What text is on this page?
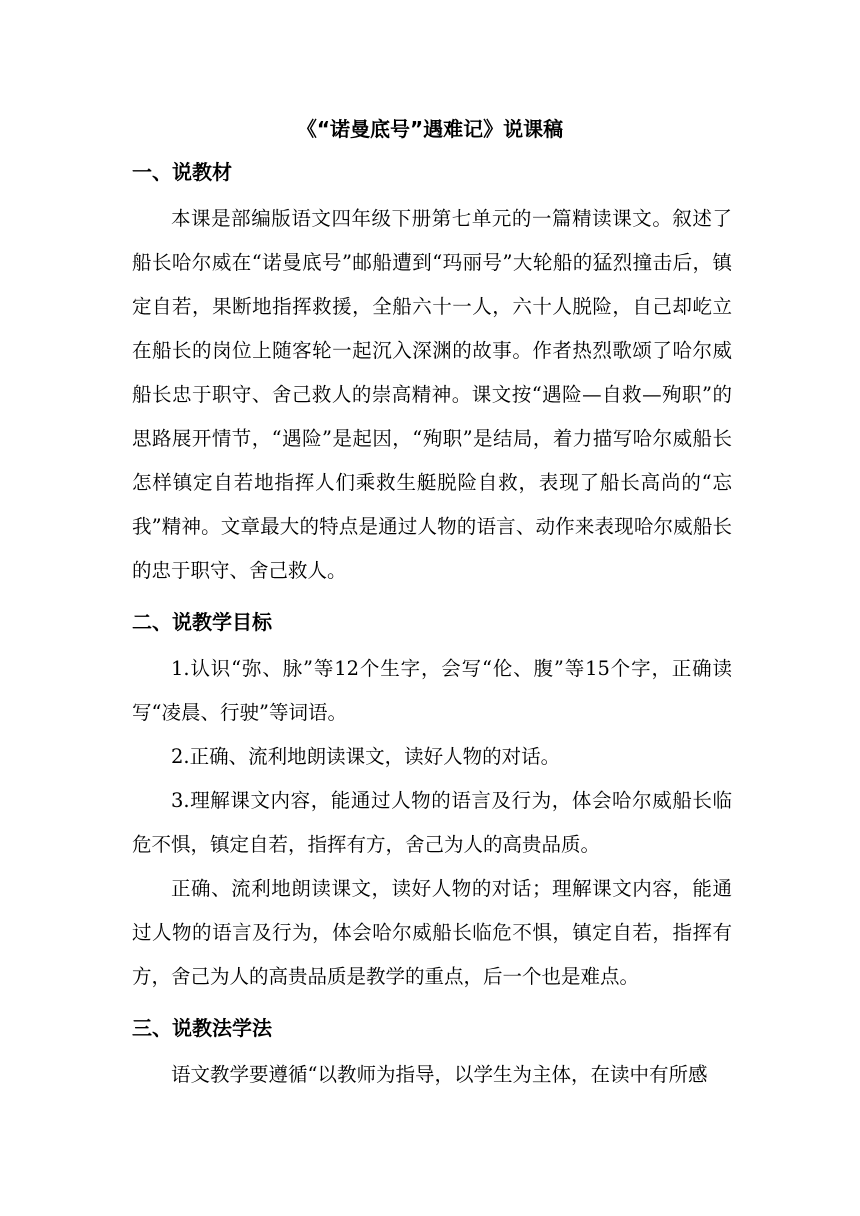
《“诺曼底号”遇难记》说课稿
一、说教材

本课是部编版语文四年级下册第七单元的一篇精读课文。叙述了船长哈尔威在“诺曼底号”邮船遭到“玛丽号”大轮船的猛烈撞击后，镇定自若，果断地指挥救援，全船六十一人，六十人脱险，自己却屹立在船长的岗位上随客轮一起沉入深渊的故事。作者热烈歌颂了哈尔威船长忠于职守、舍己救人的崇高精神。课文按“遇险—自救—殉职”的思路展开情节，“遇险”是起因，“殉职”是结局，着力描写哈尔威船长怎样镇定自若地指挥人们乘救生艇脱险自救，表现了船长高尚的“忘我”精神。文章最大的特点是通过人物的语言、动作来表现哈尔威船长的忠于职守、舍己救人。

二、说教学目标

1.认识“弥、脉”等12个生字，会写“伦、腹”等15个字，正确读写“凌晨、行驶”等词语。

2.正确、流利地朗读课文，读好人物的对话。

3.理解课文内容，能通过人物的语言及行为，体会哈尔威船长临危不惧，镇定自若，指挥有方，舍己为人的高贵品质。

正确、流利地朗读课文，读好人物的对话；理解课文内容，能通过人物的语言及行为，体会哈尔威船长临危不惧，镇定自若，指挥有方，舍己为人的高贵品质是教学的重点，后一个也是难点。

三、说教法学法

语文教学要遵循“以教师为指导，以学生为主体，在读中有所感
